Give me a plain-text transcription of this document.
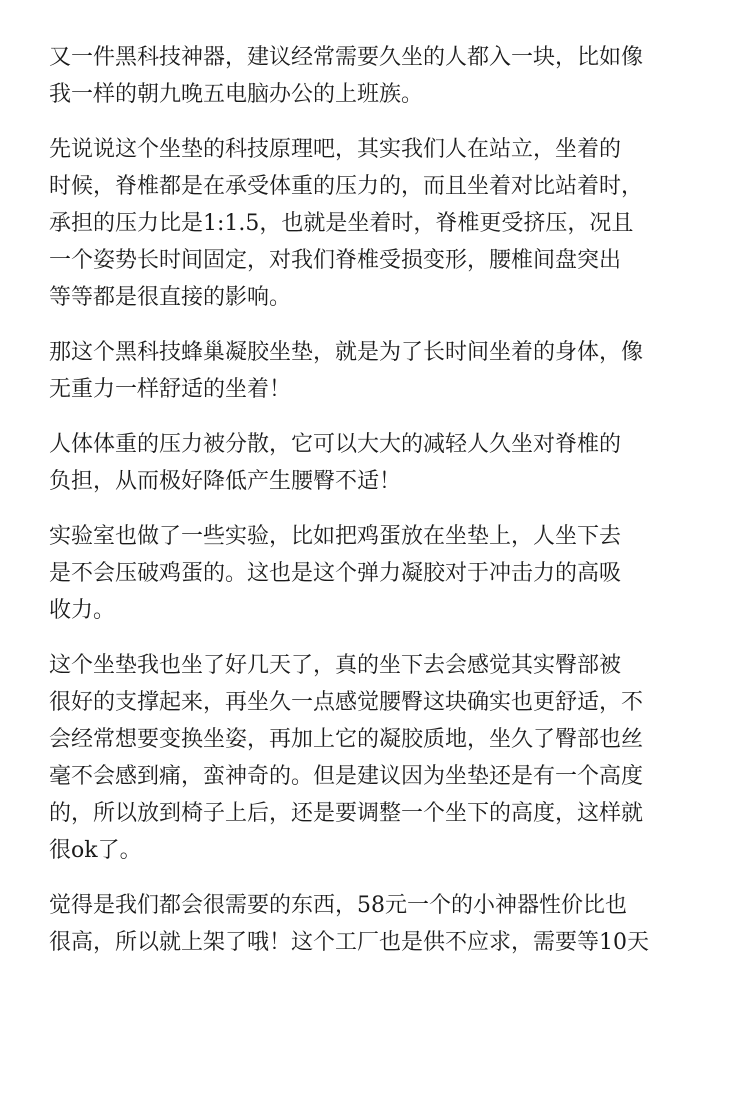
又一件黑科技神器，建议经常需要久坐的人都入一块，比如像
我一样的朝九晚五电脑办公的上班族。

先说说这个坐垫的科技原理吧，其实我们人在站立，坐着的
时候，脊椎都是在承受体重的压力的，而且坐着对比站着时，
承担的压力比是1:1.5，也就是坐着时，脊椎更受挤压，况且
一个姿势长时间固定，对我们脊椎受损变形，腰椎间盘突出
等等都是很直接的影响。

那这个黑科技蜂巢凝胶坐垫，就是为了长时间坐着的身体，像
无重力一样舒适的坐着！

人体体重的压力被分散，它可以大大的减轻人久坐对脊椎的
负担，从而极好降低产生腰臀不适！

实验室也做了一些实验，比如把鸡蛋放在坐垫上，人坐下去
是不会压破鸡蛋的。这也是这个弹力凝胶对于冲击力的高吸
收力。

这个坐垫我也坐了好几天了，真的坐下去会感觉其实臀部被
很好的支撑起来，再坐久一点感觉腰臀这块确实也更舒适，不
会经常想要变换坐姿，再加上它的凝胶质地，坐久了臀部也丝
毫不会感到痛，蛮神奇的。但是建议因为坐垫还是有一个高度
的，所以放到椅子上后，还是要调整一个坐下的高度，这样就
很ok了。

觉得是我们都会很需要的东西，58元一个的小神器性价比也
很高，所以就上架了哦！这个工厂也是供不应求，需要等10天
